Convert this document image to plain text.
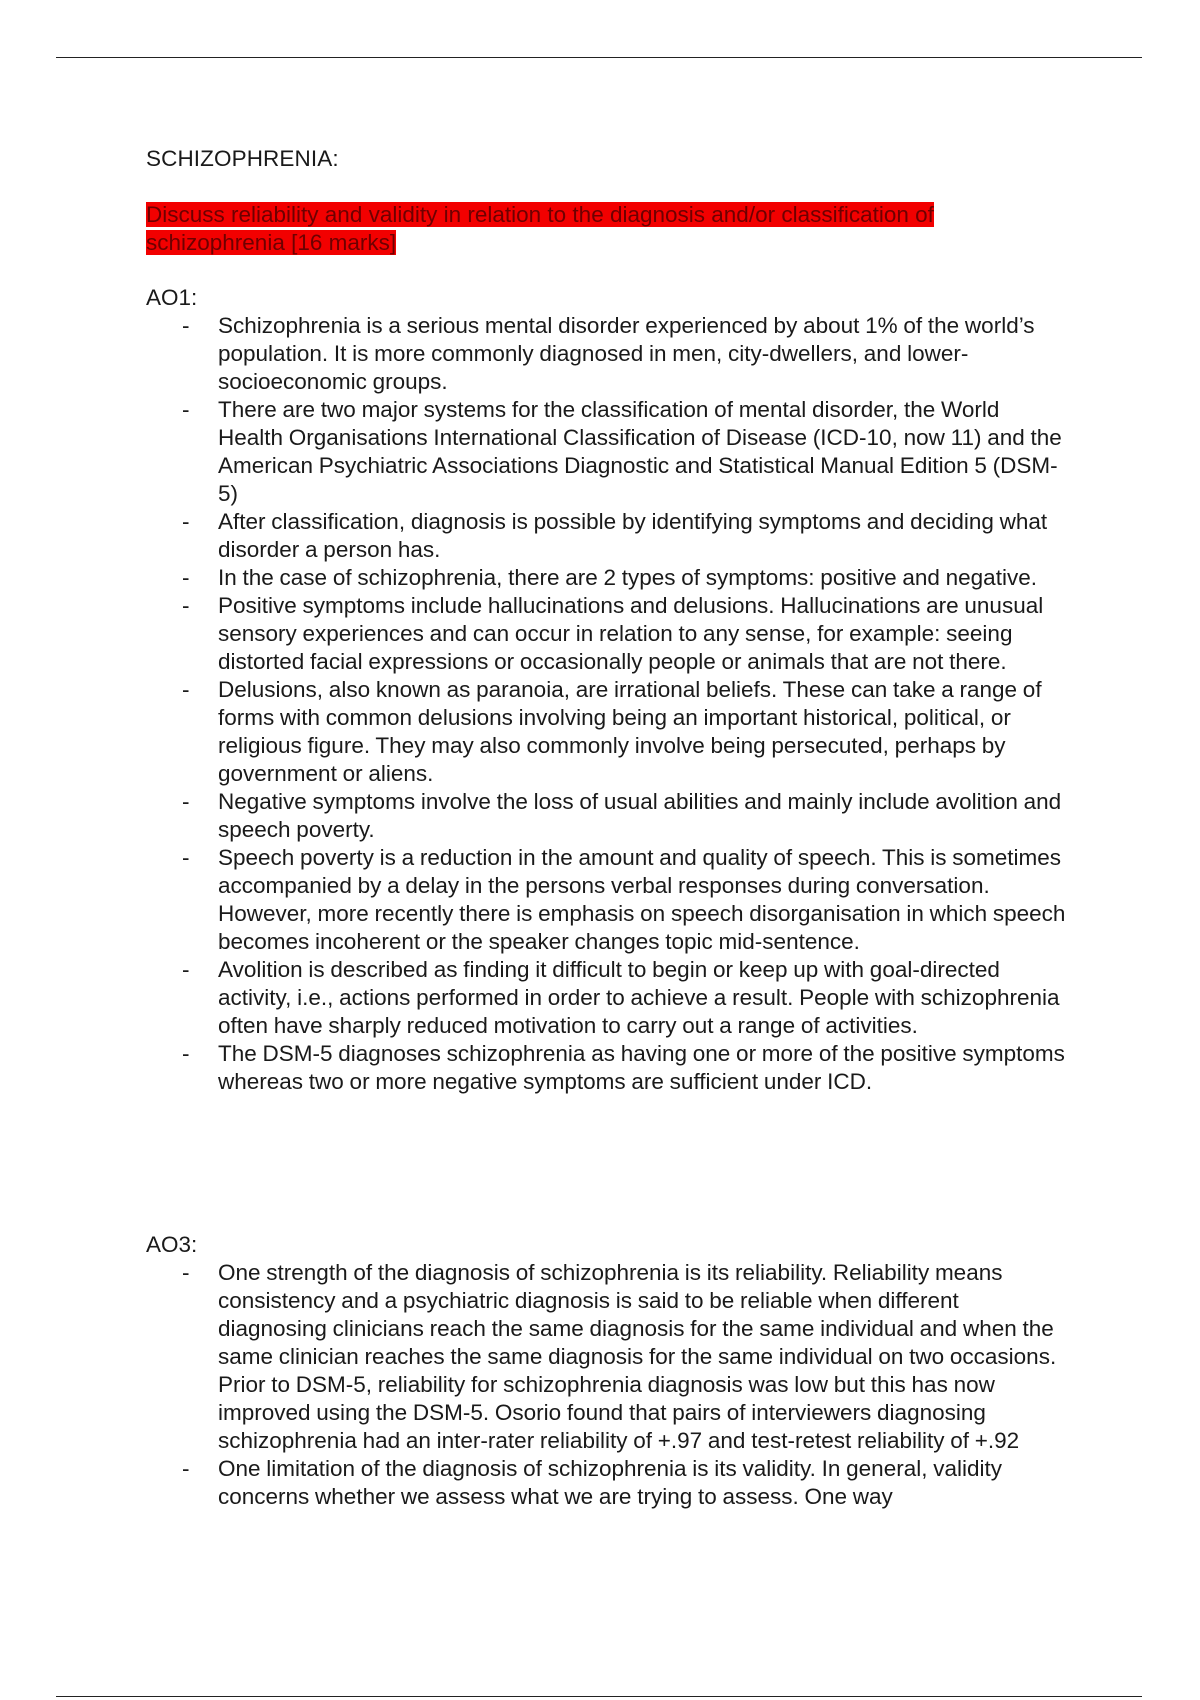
SCHIZOPHRENIA:
Discuss reliability and validity in relation to the diagnosis and/or classification of schizophrenia [16 marks]

AO1:

- Schizophrenia is a serious mental disorder experienced by about 1% of the world’s population. It is more commonly diagnosed in men, city-dwellers, and lower-socioeconomic groups.
- There are two major systems for the classification of mental disorder, the World Health Organisations International Classification of Disease (ICD-10, now 11) and the American Psychiatric Associations Diagnostic and Statistical Manual Edition 5 (DSM-5)
- After classification, diagnosis is possible by identifying symptoms and deciding what disorder a person has.
- In the case of schizophrenia, there are 2 types of symptoms: positive and negative.
- Positive symptoms include hallucinations and delusions. Hallucinations are unusual sensory experiences and can occur in relation to any sense, for example: seeing distorted facial expressions or occasionally people or animals that are not there.
- Delusions, also known as paranoia, are irrational beliefs. These can take a range of forms with common delusions involving being an important historical, political, or religious figure. They may also commonly involve being persecuted, perhaps by government or aliens.
- Negative symptoms involve the loss of usual abilities and mainly include avolition and speech poverty.
- Speech poverty is a reduction in the amount and quality of speech. This is sometimes accompanied by a delay in the persons verbal responses during conversation. However, more recently there is emphasis on speech disorganisation in which speech becomes incoherent or the speaker changes topic mid-sentence.
- Avolition is described as finding it difficult to begin or keep up with goal-directed activity, i.e., actions performed in order to achieve a result. People with schizophrenia often have sharply reduced motivation to carry out a range of activities.
- The DSM-5 diagnoses schizophrenia as having one or more of the positive symptoms whereas two or more negative symptoms are sufficient under ICD.

AO3:

- One strength of the diagnosis of schizophrenia is its reliability. Reliability means consistency and a psychiatric diagnosis is said to be reliable when different diagnosing clinicians reach the same diagnosis for the same individual and when the same clinician reaches the same diagnosis for the same individual on two occasions. Prior to DSM-5, reliability for schizophrenia diagnosis was low but this has now improved using the DSM-5. Osorio found that pairs of interviewers diagnosing schizophrenia had an inter-rater reliability of +.97 and test-retest reliability of +.92
- One limitation of the diagnosis of schizophrenia is its validity. In general, validity concerns whether we assess what we are trying to assess. One way
